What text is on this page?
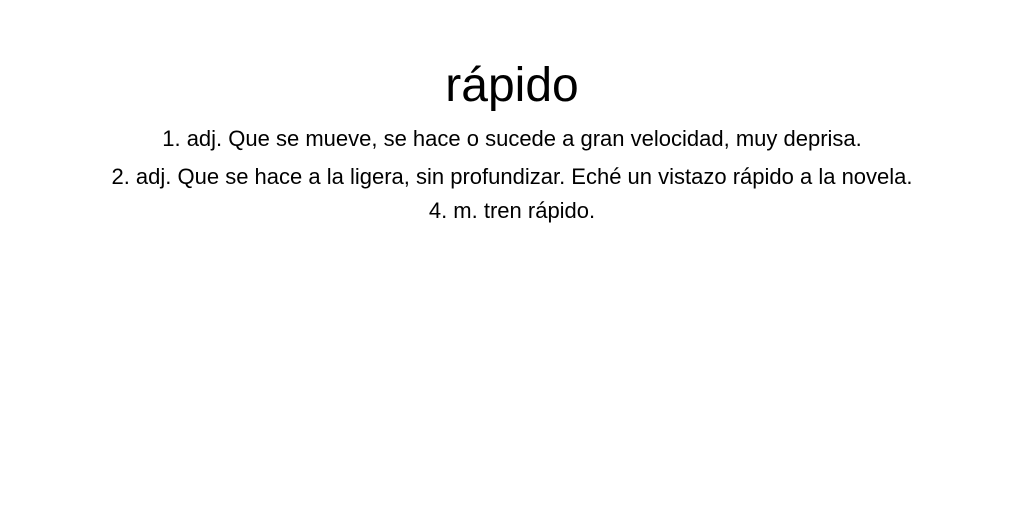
rápido

1. adj. Que se mueve, se hace o sucede a gran velocidad, muy deprisa.

2. adj. Que se hace a la ligera, sin profundizar. Eché un vistazo rápido a la novela.

4. m. tren rápido.
